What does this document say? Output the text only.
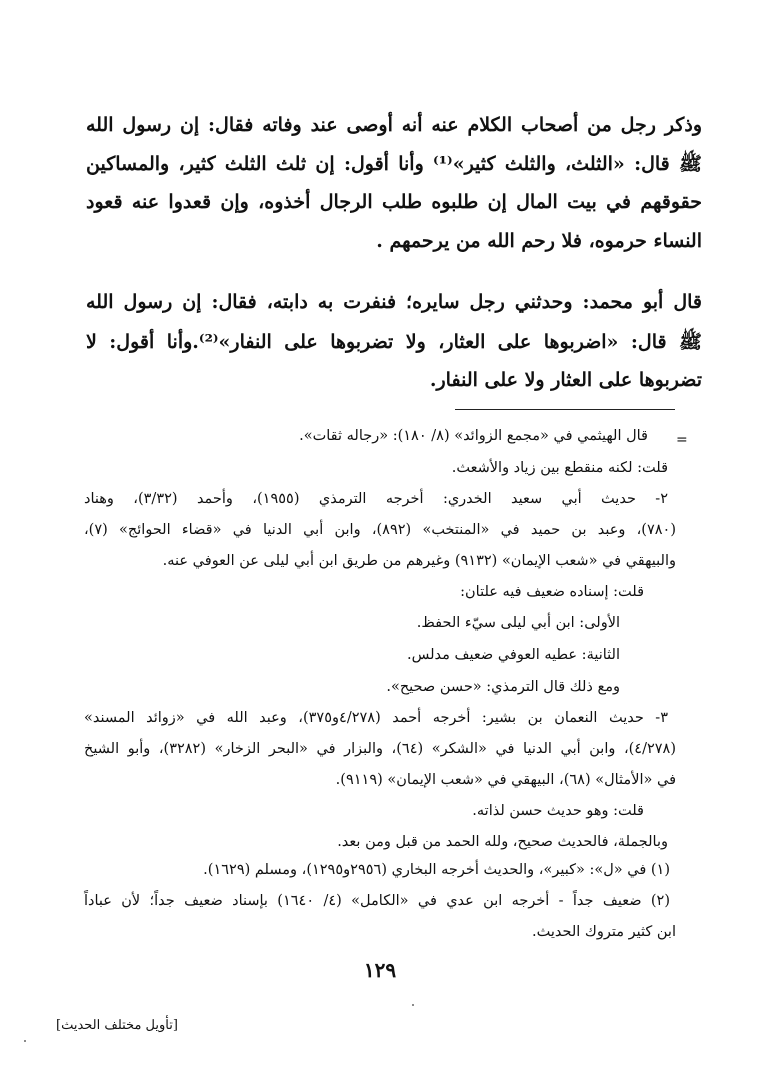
وذكر رجل من أصحاب الكلام عنه أنه أوصى عند وفاته فقال: إن رسول الله
ﷺ قال: «الثلث، والثلث كثير»⁽¹⁾ وأنا أقول: إن ثلث الثلث كثير، والمساكين
حقوقهم في بيت المال إن طلبوه طلب الرجال أخذوه، وإن قعدوا عنه قعود
النساء حرموه، فلا رحم الله من يرحمهم .
قال أبو محمد: وحدثني رجل سايره؛ فنفرت به دابته، فقال: إن رسول الله
ﷺ قال: «اضربوها على العثار، ولا تضربوها على النفار»⁽²⁾.وأنا أقول: لا
تضربوها على العثار ولا على النفار.
=
قال الهيثمي في «مجمع الزوائد» (٨/ ١٨٠): «رجاله ثقات».
قلت: لكنه منقطع بين زياد والأشعث.
٢- حديث أبي سعيد الخدري: أخرجه الترمذي (١٩٥٥)، وأحمد (٣/٣٢)، وهناد
(٧٨٠)، وعبد بن حميد في «المنتخب» (٨٩٢)، وابن أبي الدنيا في «قضاء الحوائج» (٧)،
والبيهقي في «شعب الإيمان» (٩١٣٢) وغيرهم من طريق ابن أبي ليلى عن العوفي عنه.
قلت: إسناده ضعيف فيه علتان:
الأولى: ابن أبي ليلى سيّء الحفظ.
الثانية: عطيه العوفي ضعيف مدلس.
ومع ذلك قال الترمذي: «حسن صحيح».
٣- حديث النعمان بن بشير: أخرجه أحمد (٤/٢٧٨و٣٧٥)، وعبد الله في «زوائد المسند»
(٤/٢٧٨)، وابن أبي الدنيا في «الشكر» (٦٤)، والبزار في «البحر الزخار» (٣٢٨٢)، وأبو الشيخ
في «الأمثال» (٦٨)، البيهقي في «شعب الإيمان» (٩١١٩).
قلت: وهو حديث حسن لذاته.
وبالجملة، فالحديث صحيح، ولله الحمد من قبل ومن بعد.
(١) في «ل»: «كبير»، والحديث أخرجه البخاري (٢٩٥٦و١٢٩٥)، ومسلم (١٦٢٩).
(٢) ضعيف جداً - أخرجه ابن عدي في «الكامل» (٤/ ١٦٤٠) بإسناد ضعيف جداً؛ لأن عباداً
ابن كثير متروك الحديث.
١٢٩
[تأويل مختلف الحديث]
